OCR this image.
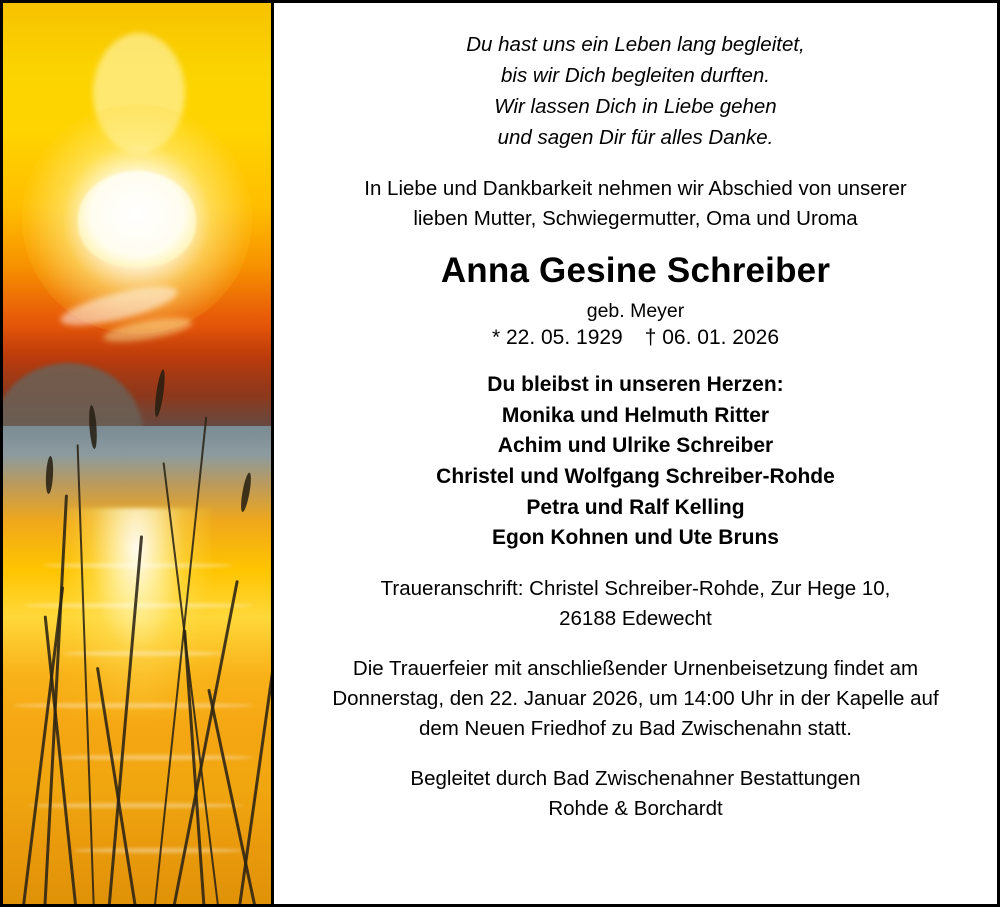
Du hast uns ein Leben lang begleitet,
bis wir Dich begleiten durften.
Wir lassen Dich in Liebe gehen
und sagen Dir für alles Danke.
In Liebe und Dankbarkeit nehmen wir Abschied von unserer
lieben Mutter, Schwiegermutter, Oma und Uroma
Anna Gesine Schreiber
geb. Meyer
* 22. 05. 1929 † 06. 01. 2026
Du bleibst in unseren Herzen:
Monika und Helmuth Ritter
Achim und Ulrike Schreiber
Christel und Wolfgang Schreiber-Rohde
Petra und Ralf Kelling
Egon Kohnen und Ute Bruns
Traueranschrift: Christel Schreiber-Rohde, Zur Hege 10,
26188 Edewecht
Die Trauerfeier mit anschließender Urnenbeisetzung findet am
Donnerstag, den 22. Januar 2026, um 14:00 Uhr in der Kapelle auf
dem Neuen Friedhof zu Bad Zwischenahn statt.
Begleitet durch Bad Zwischenahner Bestattungen
Rohde & Borchardt
